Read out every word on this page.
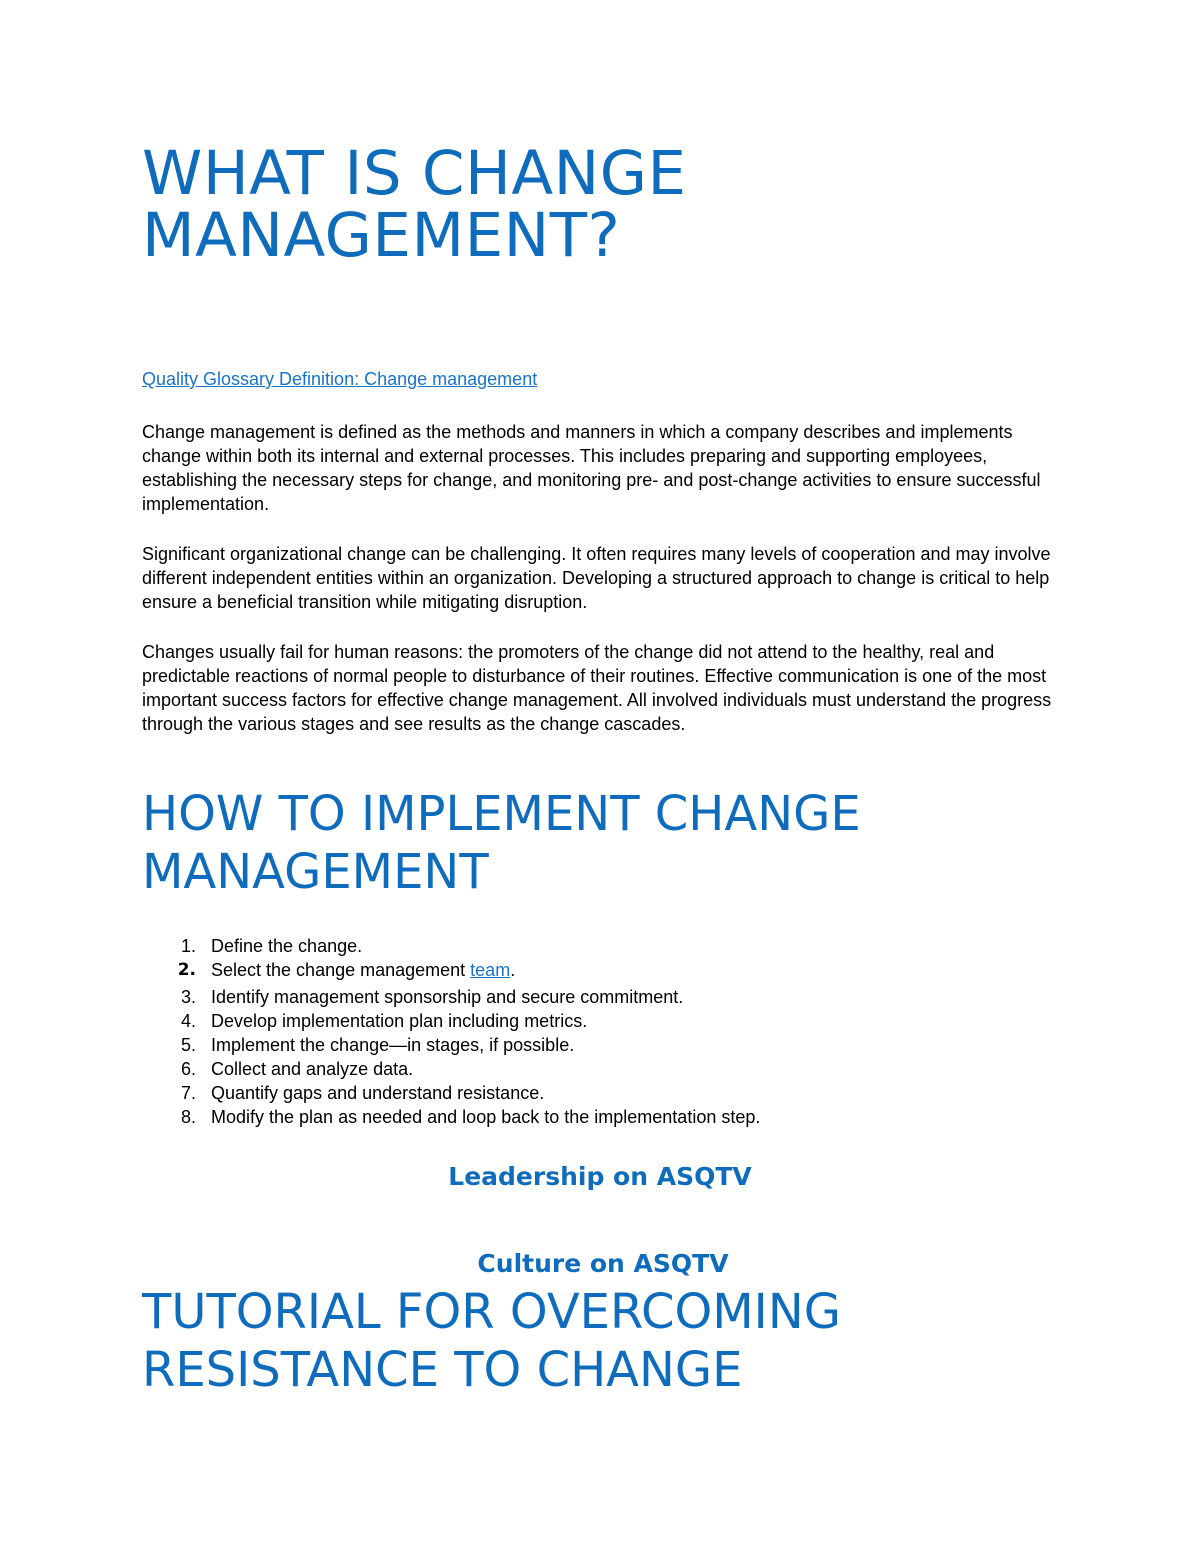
WHAT IS CHANGE MANAGEMENT?
Quality Glossary Definition: Change management

Change management is defined as the methods and manners in which a company describes and implements change within both its internal and external processes. This includes preparing and supporting employees, establishing the necessary steps for change, and monitoring pre- and post-change activities to ensure successful implementation.

Significant organizational change can be challenging. It often requires many levels of cooperation and may involve different independent entities within an organization. Developing a structured approach to change is critical to help ensure a beneficial transition while mitigating disruption.

Changes usually fail for human reasons: the promoters of the change did not attend to the healthy, real and predictable reactions of normal people to disturbance of their routines. Effective communication is one of the most important success factors for effective change management. All involved individuals must understand the progress through the various stages and see results as the change cascades.

HOW TO IMPLEMENT CHANGE MANAGEMENT
1. Define the change.
2. Select the change management team.
3. Identify management sponsorship and secure commitment.
4. Develop implementation plan including metrics.
5. Implement the change—in stages, if possible.
6. Collect and analyze data.
7. Quantify gaps and understand resistance.
8. Modify the plan as needed and loop back to the implementation step.
Leadership on ASQTV
Culture on ASQTV
TUTORIAL FOR OVERCOMING RESISTANCE TO CHANGE
